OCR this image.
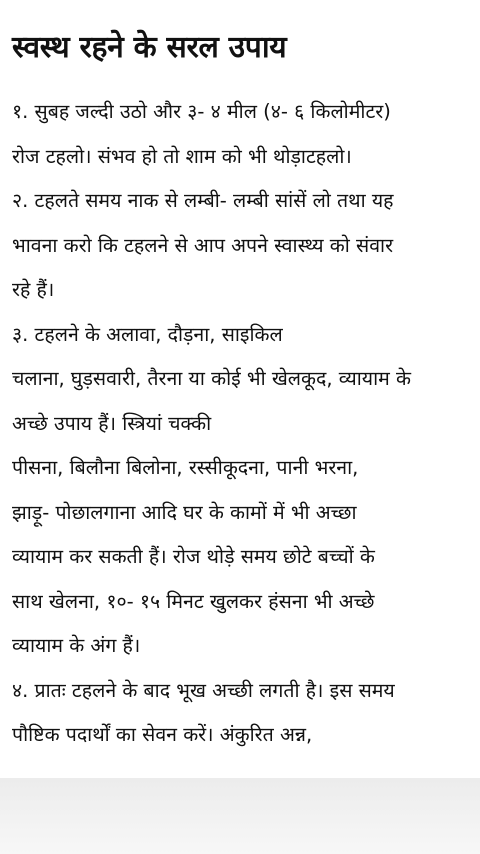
स्वस्थ रहने के सरल उपाय

१. सुबह जल्दी उठो और ३- ४ मील (४- ६ किलोमीटर)
रोज टहलो। संभव हो तो शाम को भी थोड़ाटहलो।

२. टहलते समय नाक से लम्बी- लम्बी सांसें लो तथा यह
भावना करो कि टहलने से आप अपने स्वास्थ्य को संवार
रहे हैं।

३. टहलने के अलावा, दौड़ना, साइकिल
चलाना, घुड़सवारी, तैरना या कोई भी खेलकूद, व्यायाम के
अच्छे उपाय हैं। स्त्रियां चक्की
पीसना, बिलौना बिलोना, रस्सीकूदना, पानी भरना,
झाड़ू- पोछालगाना आदि घर के कामों में भी अच्छा
व्यायाम कर सकती हैं। रोज थोड़े समय छोटे बच्चों के
साथ खेलना, १०- १५ मिनट खुलकर हंसना भी अच्छे
व्यायाम के अंग हैं।

४. प्रातः टहलने के बाद भूख अच्छी लगती है। इस समय
पौष्टिक पदार्थों का सेवन करें। अंकुरित अन्न,
